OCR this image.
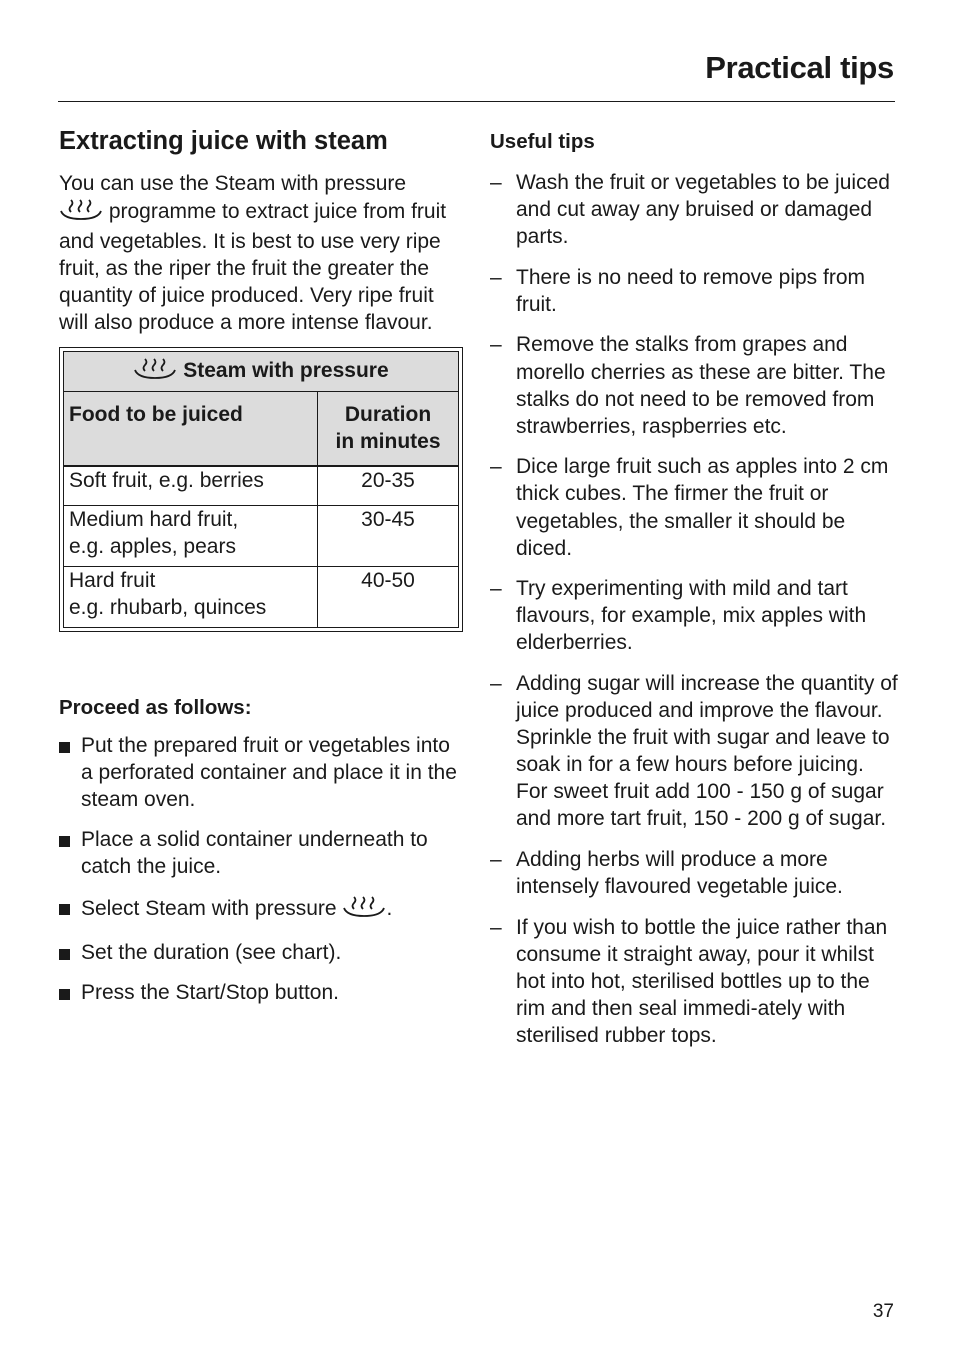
Practical tips
Extracting juice with steam

You can use the Steam with pressure
programme to extract juice from fruit and vegetables. It is best to use very ripe fruit, as the riper the fruit the greater the quantity of juice produced. Very ripe fruit will also produce a more intense flavour.

Steam with pressure	
Food to be juiced	Duration
in minutes
Soft fruit, e.g. berries	20-35
Medium hard fruit,
e.g. apples, pears	30-45
Hard fruit
e.g. rhubarb, quinces	40-50
Proceed as follows:
Put the prepared fruit or vegetables into a perforated container and place it in the steam oven.
Place a solid container underneath to catch the juice.
Select Steam with pressure .
Set the duration (see chart).
Press the Start/Stop button.
Useful tips
– Wash the fruit or vegetables to be juiced and cut away any bruised or damaged parts.
– There is no need to remove pips from fruit.
– Remove the stalks from grapes and morello cherries as these are bitter. The stalks do not need to be removed from strawberries, raspberries etc.
– Dice large fruit such as apples into 2 cm thick cubes. The firmer the fruit or vegetables, the smaller it should be diced.
– Try experimenting with mild and tart flavours, for example, mix apples with elderberries.
– Adding sugar will increase the quantity of juice produced and improve the flavour. Sprinkle the fruit with sugar and leave to soak in for a few hours before juicing. For sweet fruit add 100 - 150 g of sugar and more tart fruit, 150 - 200 g of sugar.
– Adding herbs will produce a more intensely flavoured vegetable juice.
– If you wish to bottle the juice rather than consume it straight away, pour it whilst hot into hot, sterilised bottles up to the rim and then seal immedi-ately with sterilised rubber tops.

37
